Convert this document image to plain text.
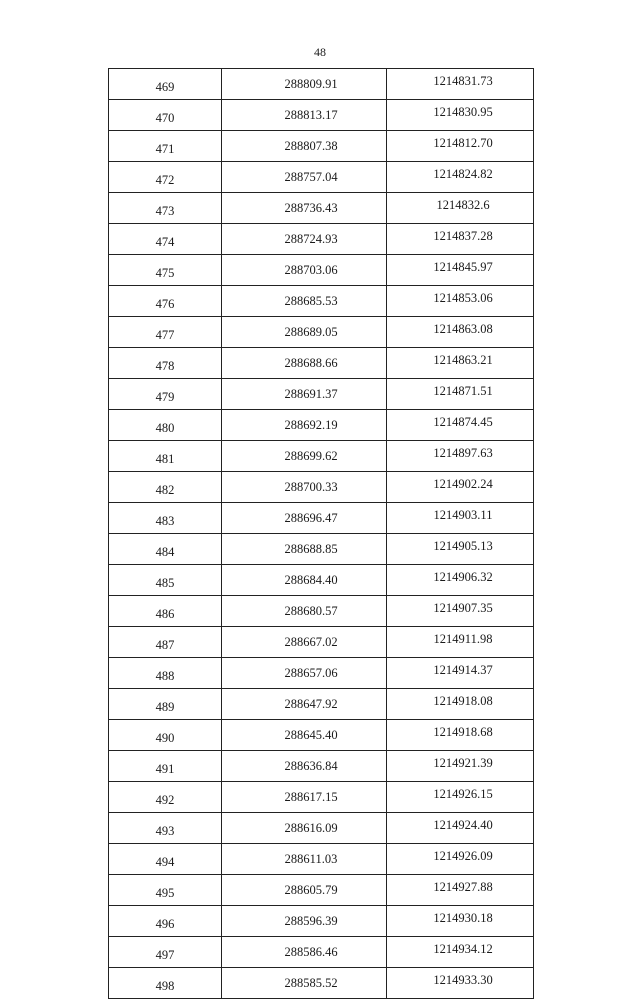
48
469	288809.91	1214831.73
470	288813.17	1214830.95
471	288807.38	1214812.70
472	288757.04	1214824.82
473	288736.43	1214832.6
474	288724.93	1214837.28
475	288703.06	1214845.97
476	288685.53	1214853.06
477	288689.05	1214863.08
478	288688.66	1214863.21
479	288691.37	1214871.51
480	288692.19	1214874.45
481	288699.62	1214897.63
482	288700.33	1214902.24
483	288696.47	1214903.11
484	288688.85	1214905.13
485	288684.40	1214906.32
486	288680.57	1214907.35
487	288667.02	1214911.98
488	288657.06	1214914.37
489	288647.92	1214918.08
490	288645.40	1214918.68
491	288636.84	1214921.39
492	288617.15	1214926.15
493	288616.09	1214924.40
494	288611.03	1214926.09
495	288605.79	1214927.88
496	288596.39	1214930.18
497	288586.46	1214934.12
498	288585.52	1214933.30
